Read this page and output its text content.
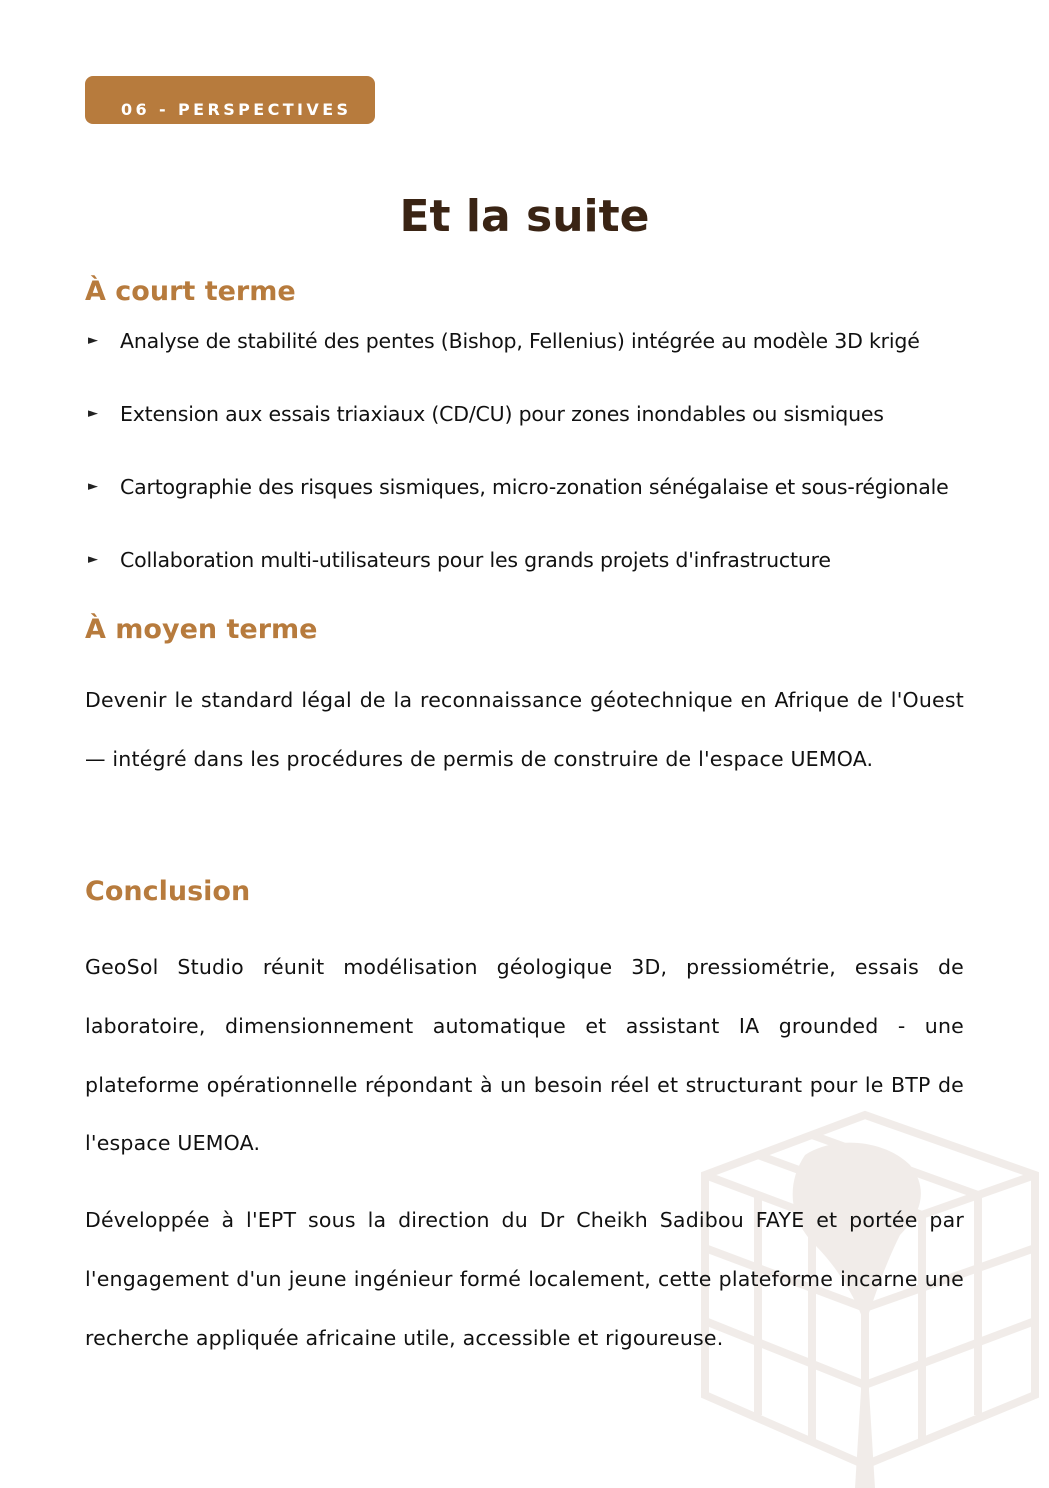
06 - PERSPECTIVES
Et la suite
À court terme
► Analyse de stabilité des pentes (Bishop, Fellenius) intégrée au modèle 3D krigé
► Extension aux essais triaxiaux (CD/CU) pour zones inondables ou sismiques
► Cartographie des risques sismiques, micro-zonation sénégalaise et sous-régionale
► Collaboration multi-utilisateurs pour les grands projets d'infrastructure
À moyen terme

Devenir le standard légal de la reconnaissance géotechnique en Afrique de l'Ouest — intégré dans les procédures de permis de construire de l'espace UEMOA.

Conclusion

GeoSol Studio réunit modélisation géologique 3D, pressiométrie, essais de laboratoire, dimensionnement automatique et assistant IA grounded - une plateforme opérationnelle répondant à un besoin réel et structurant pour le BTP de l'espace UEMOA.

Développée à l'EPT sous la direction du Dr Cheikh Sadibou FAYE et portée par l'engagement d'un jeune ingénieur formé localement, cette plateforme incarne une recherche appliquée africaine utile, accessible et rigoureuse.
